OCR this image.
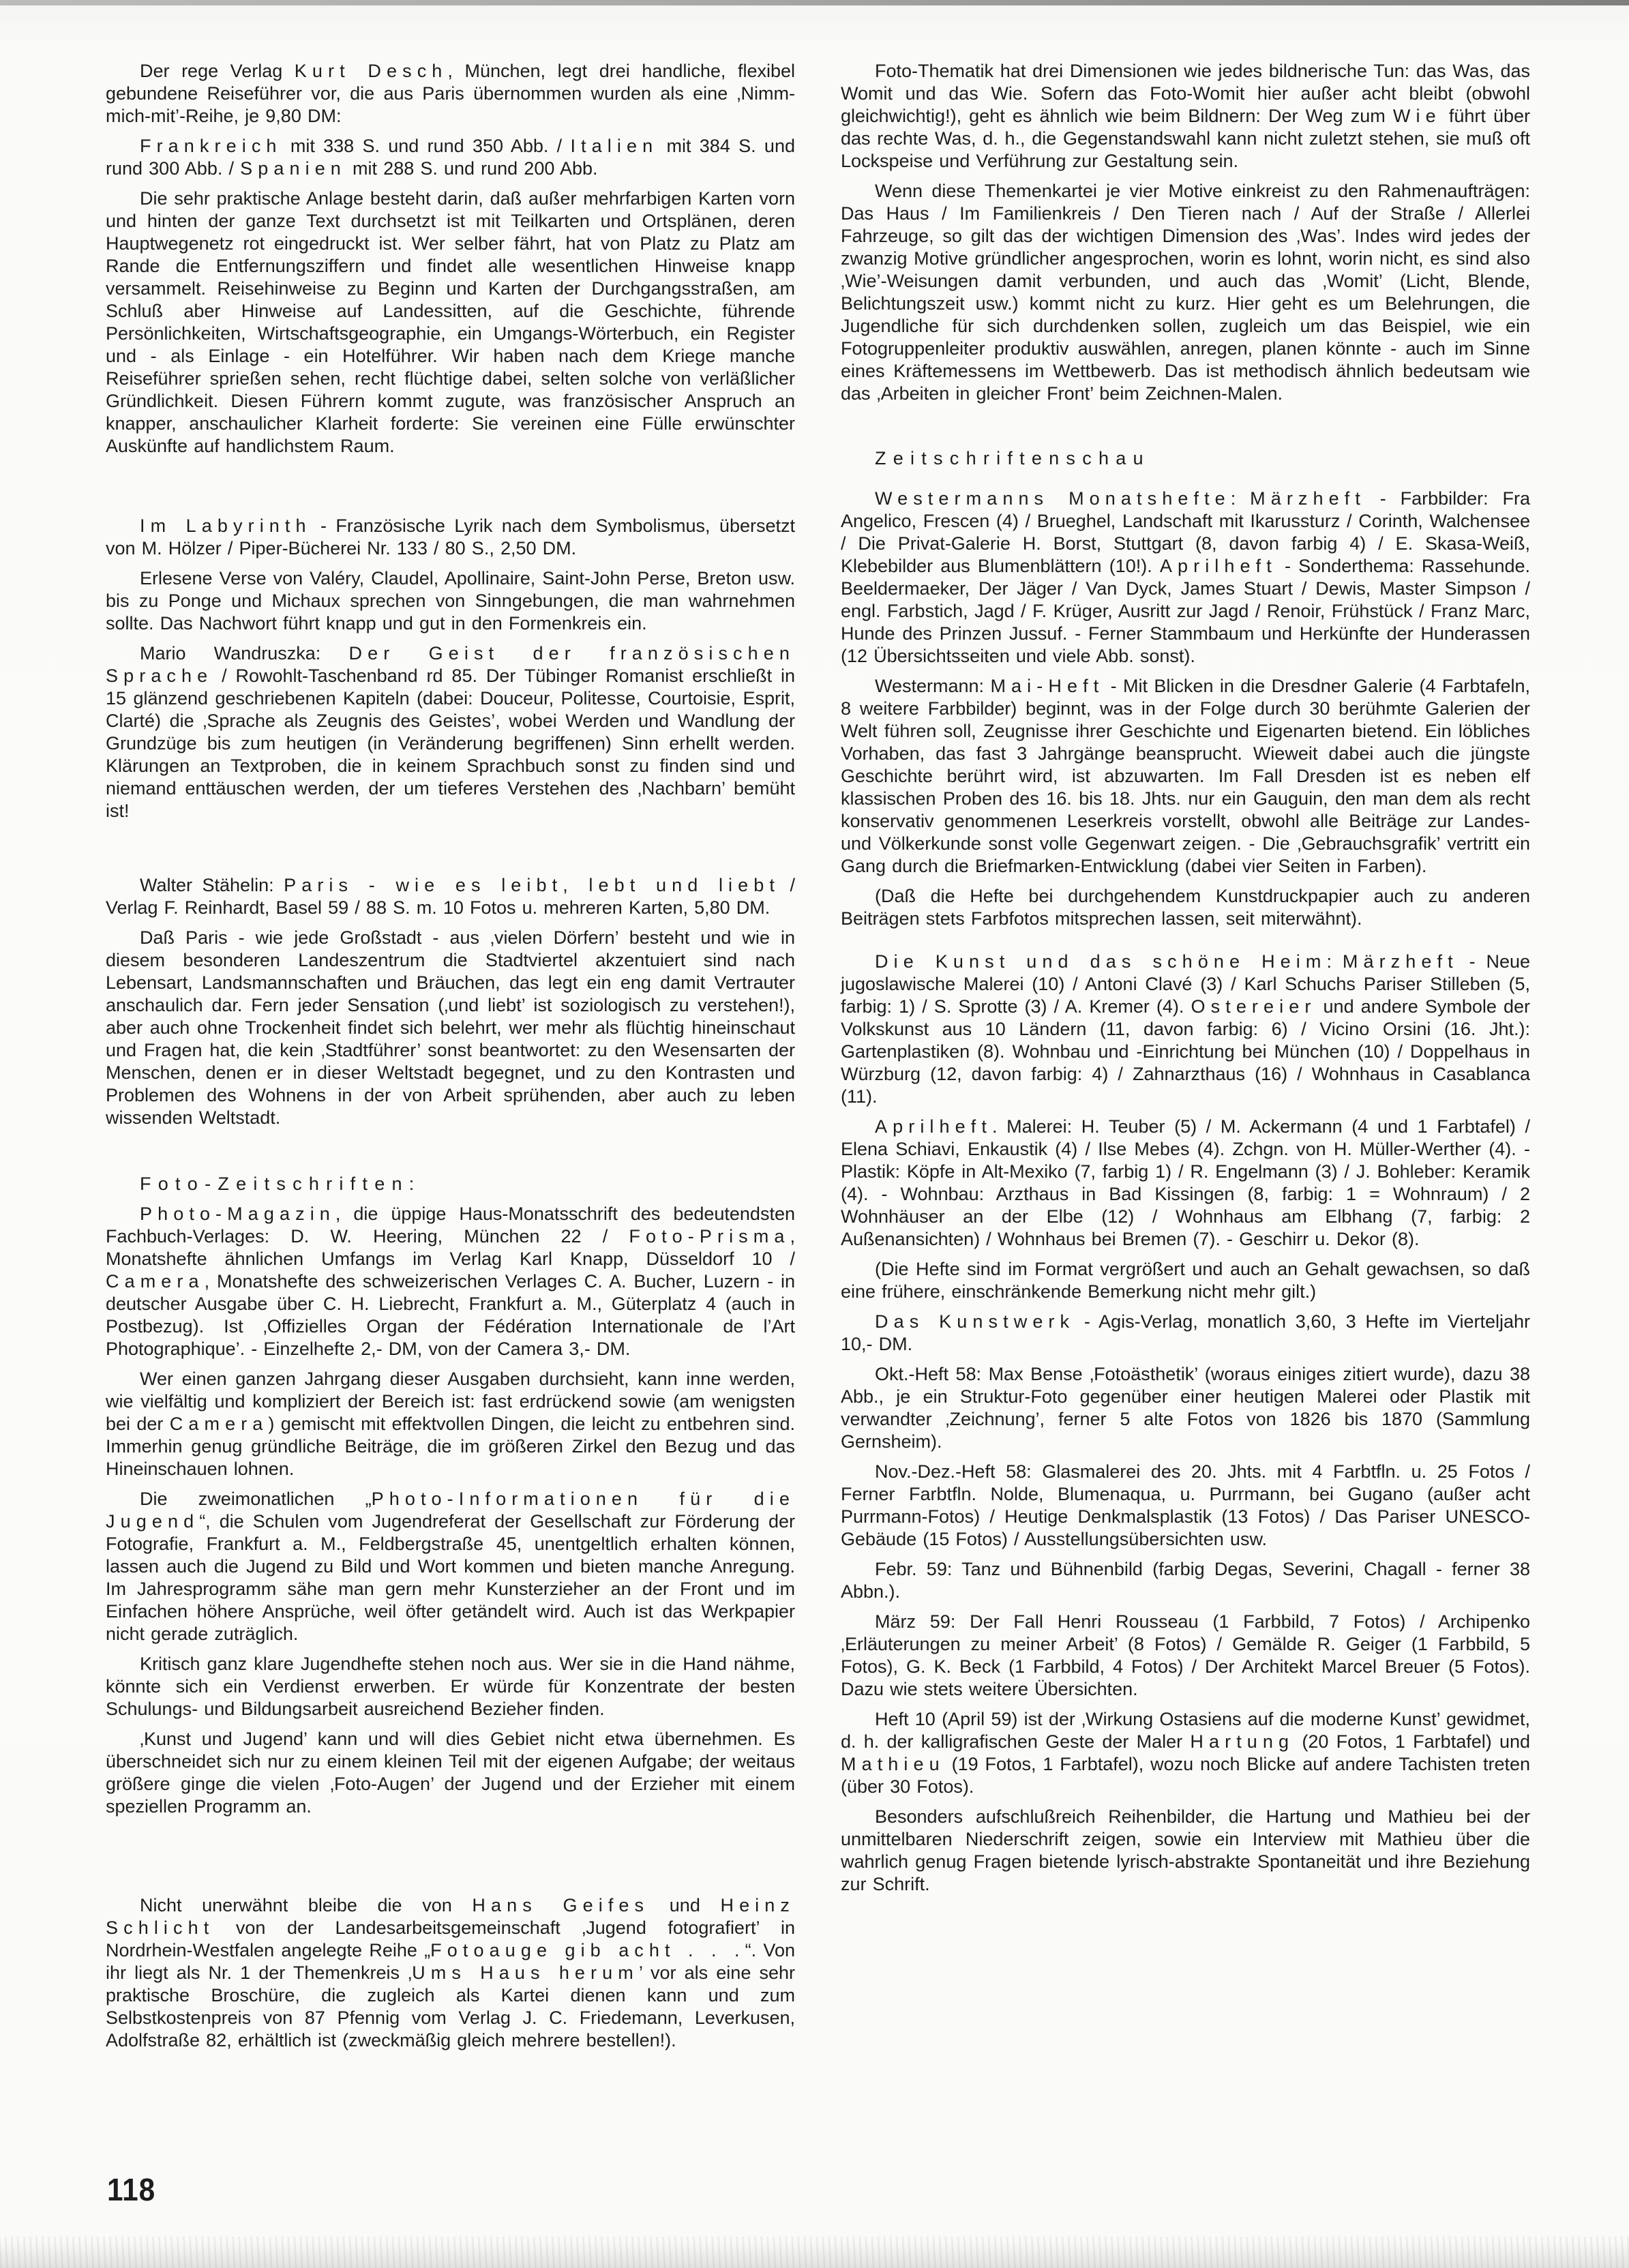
Der rege Verlag Kurt Desch, München, legt drei handliche, flexibel gebundene Reiseführer vor, die aus Paris übernommen wurden als eine ‚Nimm-mich-mit’-Reihe, je 9,80 DM:

Frankreich mit 338 S. und rund 350 Abb. / Italien mit 384 S. und rund 300 Abb. / Spanien mit 288 S. und rund 200 Abb.

Die sehr praktische Anlage besteht darin, daß außer mehrfarbigen Karten vorn und hinten der ganze Text durchsetzt ist mit Teilkarten und Ortsplänen, deren Hauptwegenetz rot eingedruckt ist. Wer selber fährt, hat von Platz zu Platz am Rande die Entfernungsziffern und findet alle wesentlichen Hinweise knapp versammelt. Reisehinweise zu Beginn und Karten der Durchgangsstraßen, am Schluß aber Hinweise auf Landessitten, auf die Geschichte, führende Persönlichkeiten, Wirtschaftsgeographie, ein Umgangs-Wörterbuch, ein Register und - als Einlage - ein Hotelführer. Wir haben nach dem Kriege manche Reiseführer sprießen sehen, recht flüchtige dabei, selten solche von verläßlicher Gründlichkeit. Diesen Führern kommt zugute, was französischer Anspruch an knapper, anschaulicher Klarheit forderte: Sie vereinen eine Fülle erwünschter Auskünfte auf handlichstem Raum.

Im Labyrinth - Französische Lyrik nach dem Symbolismus, übersetzt von M. Hölzer / Piper-Bücherei Nr. 133 / 80 S., 2,50 DM.

Erlesene Verse von Valéry, Claudel, Apollinaire, Saint-John Perse, Breton usw. bis zu Ponge und Michaux sprechen von Sinngebungen, die man wahrnehmen sollte. Das Nachwort führt knapp und gut in den Formenkreis ein.

Mario Wandruszka: Der Geist der französischen Sprache / Rowohlt-Taschenband rd 85. Der Tübinger Romanist erschließt in 15 glänzend geschriebenen Kapiteln (dabei: Douceur, Politesse, Courtoisie, Esprit, Clarté) die ‚Sprache als Zeugnis des Geistes’, wobei Werden und Wandlung der Grundzüge bis zum heutigen (in Veränderung begriffenen) Sinn erhellt werden. Klärungen an Textproben, die in keinem Sprachbuch sonst zu finden sind und niemand enttäuschen werden, der um tieferes Verstehen des ‚Nachbarn’ bemüht ist!

Walter Stähelin: Paris - wie es leibt, lebt und liebt / Verlag F. Reinhardt, Basel 59 / 88 S. m. 10 Fotos u. mehreren Karten, 5,80 DM.

Daß Paris - wie jede Großstadt - aus ‚vielen Dörfern’ besteht und wie in diesem besonderen Landeszentrum die Stadtviertel akzentuiert sind nach Lebensart, Landsmannschaften und Bräuchen, das legt ein eng damit Vertrauter anschaulich dar. Fern jeder Sensation (‚und liebt’ ist soziologisch zu verstehen!), aber auch ohne Trockenheit findet sich belehrt, wer mehr als flüchtig hineinschaut und Fragen hat, die kein ‚Stadtführer’ sonst beantwortet: zu den Wesensarten der Menschen, denen er in dieser Weltstadt begegnet, und zu den Kontrasten und Problemen des Wohnens in der von Arbeit sprühenden, aber auch zu leben wissenden Weltstadt.

Foto-Zeitschriften:

Photo-Magazin, die üppige Haus-Monatsschrift des bedeutendsten Fachbuch-Verlages: D. W. Heering, München 22 / Foto-Prisma, Monatshefte ähnlichen Umfangs im Verlag Karl Knapp, Düsseldorf 10 / Camera, Monatshefte des schweizerischen Verlages C. A. Bucher, Luzern - in deutscher Ausgabe über C. H. Liebrecht, Frankfurt a. M., Güterplatz 4 (auch in Postbezug). Ist ‚Offizielles Organ der Fédération Internationale de l’Art Photographique’. - Einzelhefte 2,- DM, von der Camera 3,- DM.

Wer einen ganzen Jahrgang dieser Ausgaben durchsieht, kann inne werden, wie vielfältig und kompliziert der Bereich ist: fast erdrückend sowie (am wenigsten bei der Camera) gemischt mit effektvollen Dingen, die leicht zu entbehren sind. Immerhin genug gründliche Beiträge, die im größeren Zirkel den Bezug und das Hineinschauen lohnen.

Die zweimonatlichen „Photo-Informationen für die Jugend“, die Schulen vom Jugendreferat der Gesellschaft zur Förderung der Fotografie, Frankfurt a. M., Feldbergstraße 45, unentgeltlich erhalten können, lassen auch die Jugend zu Bild und Wort kommen und bieten manche Anregung. Im Jahresprogramm sähe man gern mehr Kunsterzieher an der Front und im Einfachen höhere Ansprüche, weil öfter getändelt wird. Auch ist das Werkpapier nicht gerade zuträglich.

Kritisch ganz klare Jugendhefte stehen noch aus. Wer sie in die Hand nähme, könnte sich ein Verdienst erwerben. Er würde für Konzentrate der besten Schulungs- und Bildungsarbeit ausreichend Bezieher finden.

‚Kunst und Jugend’ kann und will dies Gebiet nicht etwa übernehmen. Es überschneidet sich nur zu einem kleinen Teil mit der eigenen Aufgabe; der weitaus größere ginge die vielen ‚Foto-Augen’ der Jugend und der Erzieher mit einem speziellen Programm an.

Nicht unerwähnt bleibe die von Hans Geifes und Heinz Schlicht von der Landesarbeitsgemeinschaft ‚Jugend fotografiert’ in Nordrhein-Westfalen angelegte Reihe „Fotoauge gib acht . . .“. Von ihr liegt als Nr. 1 der Themenkreis ‚Ums Haus herum’ vor als eine sehr praktische Broschüre, die zugleich als Kartei dienen kann und zum Selbstkostenpreis von 87 Pfennig vom Verlag J. C. Friedemann, Leverkusen, Adolfstraße 82, erhältlich ist (zweckmäßig gleich mehrere bestellen!).

Foto-Thematik hat drei Dimensionen wie jedes bildnerische Tun: das Was, das Womit und das Wie. Sofern das Foto-Womit hier außer acht bleibt (obwohl gleichwichtig!), geht es ähnlich wie beim Bildnern: Der Weg zum Wie führt über das rechte Was, d. h., die Gegenstandswahl kann nicht zuletzt stehen, sie muß oft Lockspeise und Verführung zur Gestaltung sein.

Wenn diese Themenkartei je vier Motive einkreist zu den Rahmenaufträgen: Das Haus / Im Familienkreis / Den Tieren nach / Auf der Straße / Allerlei Fahrzeuge, so gilt das der wichtigen Dimension des ‚Was’. Indes wird jedes der zwanzig Motive gründlicher angesprochen, worin es lohnt, worin nicht, es sind also ‚Wie’-Weisungen damit verbunden, und auch das ‚Womit’ (Licht, Blende, Belichtungszeit usw.) kommt nicht zu kurz. Hier geht es um Belehrungen, die Jugendliche für sich durchdenken sollen, zugleich um das Beispiel, wie ein Fotogruppenleiter produktiv auswählen, anregen, planen könnte - auch im Sinne eines Kräftemessens im Wettbewerb. Das ist methodisch ähnlich bedeutsam wie das ‚Arbeiten in gleicher Front’ beim Zeichnen-Malen.

Zeitschriftenschau

Westermanns Monatshefte: Märzheft - Farbbilder: Fra Angelico, Frescen (4) / Brueghel, Landschaft mit Ikarussturz / Corinth, Walchensee / Die Privat-Galerie H. Borst, Stuttgart (8, davon farbig 4) / E. Skasa-Weiß, Klebebilder aus Blumenblättern (10!). Aprilheft - Sonderthema: Rassehunde. Beeldermaeker, Der Jäger / Van Dyck, James Stuart / Dewis, Master Simpson / engl. Farbstich, Jagd / F. Krüger, Ausritt zur Jagd / Renoir, Frühstück / Franz Marc, Hunde des Prinzen Jussuf. - Ferner Stammbaum und Herkünfte der Hunderassen (12 Übersichtsseiten und viele Abb. sonst).

Westermann: Mai-Heft - Mit Blicken in die Dresdner Galerie (4 Farbtafeln, 8 weitere Farbbilder) beginnt, was in der Folge durch 30 berühmte Galerien der Welt führen soll, Zeugnisse ihrer Geschichte und Eigenarten bietend. Ein löbliches Vorhaben, das fast 3 Jahrgänge beansprucht. Wieweit dabei auch die jüngste Geschichte berührt wird, ist abzuwarten. Im Fall Dresden ist es neben elf klassischen Proben des 16. bis 18. Jhts. nur ein Gauguin, den man dem als recht konservativ genommenen Leserkreis vorstellt, obwohl alle Beiträge zur Landes- und Völkerkunde sonst volle Gegenwart zeigen. - Die ‚Gebrauchsgrafik’ vertritt ein Gang durch die Briefmarken-Entwicklung (dabei vier Seiten in Farben).

(Daß die Hefte bei durchgehendem Kunstdruckpapier auch zu anderen Beiträgen stets Farbfotos mitsprechen lassen, seit miterwähnt).

Die Kunst und das schöne Heim: Märzheft - Neue jugoslawische Malerei (10) / Antoni Clavé (3) / Karl Schuchs Pariser Stilleben (5, farbig: 1) / S. Sprotte (3) / A. Kremer (4). Ostereier und andere Symbole der Volkskunst aus 10 Ländern (11, davon farbig: 6) / Vicino Orsini (16. Jht.): Gartenplastiken (8). Wohnbau und -Einrichtung bei München (10) / Doppelhaus in Würzburg (12, davon farbig: 4) / Zahnarzthaus (16) / Wohnhaus in Casablanca (11).

Aprilheft. Malerei: H. Teuber (5) / M. Ackermann (4 und 1 Farbtafel) / Elena Schiavi, Enkaustik (4) / Ilse Mebes (4). Zchgn. von H. Müller-Werther (4). - Plastik: Köpfe in Alt-Mexiko (7, farbig 1) / R. Engelmann (3) / J. Bohleber: Keramik (4). - Wohnbau: Arzthaus in Bad Kissingen (8, farbig: 1 = Wohnraum) / 2 Wohnhäuser an der Elbe (12) / Wohnhaus am Elbhang (7, farbig: 2 Außenansichten) / Wohnhaus bei Bremen (7). - Geschirr u. Dekor (8).

(Die Hefte sind im Format vergrößert und auch an Gehalt gewachsen, so daß eine frühere, einschränkende Bemerkung nicht mehr gilt.)

Das Kunstwerk - Agis-Verlag, monatlich 3,60, 3 Hefte im Vierteljahr 10,- DM.

Okt.-Heft 58: Max Bense ‚Fotoästhetik’ (woraus einiges zitiert wurde), dazu 38 Abb., je ein Struktur-Foto gegenüber einer heutigen Malerei oder Plastik mit verwandter ‚Zeichnung’, ferner 5 alte Fotos von 1826 bis 1870 (Sammlung Gernsheim).

Nov.-Dez.-Heft 58: Glasmalerei des 20. Jhts. mit 4 Farbtfln. u. 25 Fotos / Ferner Farbtfln. Nolde, Blumenaqua, u. Purrmann, bei Gugano (außer acht Purrmann-Fotos) / Heutige Denkmalsplastik (13 Fotos) / Das Pariser UNESCO-Gebäude (15 Fotos) / Ausstellungsübersichten usw.

Febr. 59: Tanz und Bühnenbild (farbig Degas, Severini, Chagall - ferner 38 Abbn.).

März 59: Der Fall Henri Rousseau (1 Farbbild, 7 Fotos) / Archipenko ‚Erläuterungen zu meiner Arbeit’ (8 Fotos) / Gemälde R. Geiger (1 Farbbild, 5 Fotos), G. K. Beck (1 Farbbild, 4 Fotos) / Der Architekt Marcel Breuer (5 Fotos). Dazu wie stets weitere Übersichten.

Heft 10 (April 59) ist der ‚Wirkung Ostasiens auf die moderne Kunst’ gewidmet, d. h. der kalligrafischen Geste der Maler Hartung (20 Fotos, 1 Farbtafel) und Mathieu (19 Fotos, 1 Farbtafel), wozu noch Blicke auf andere Tachisten treten (über 30 Fotos).

Besonders aufschlußreich Reihenbilder, die Hartung und Mathieu bei der unmittelbaren Niederschrift zeigen, sowie ein Interview mit Mathieu über die wahrlich genug Fragen bietende lyrisch-abstrakte Spontaneität und ihre Beziehung zur Schrift.

118
